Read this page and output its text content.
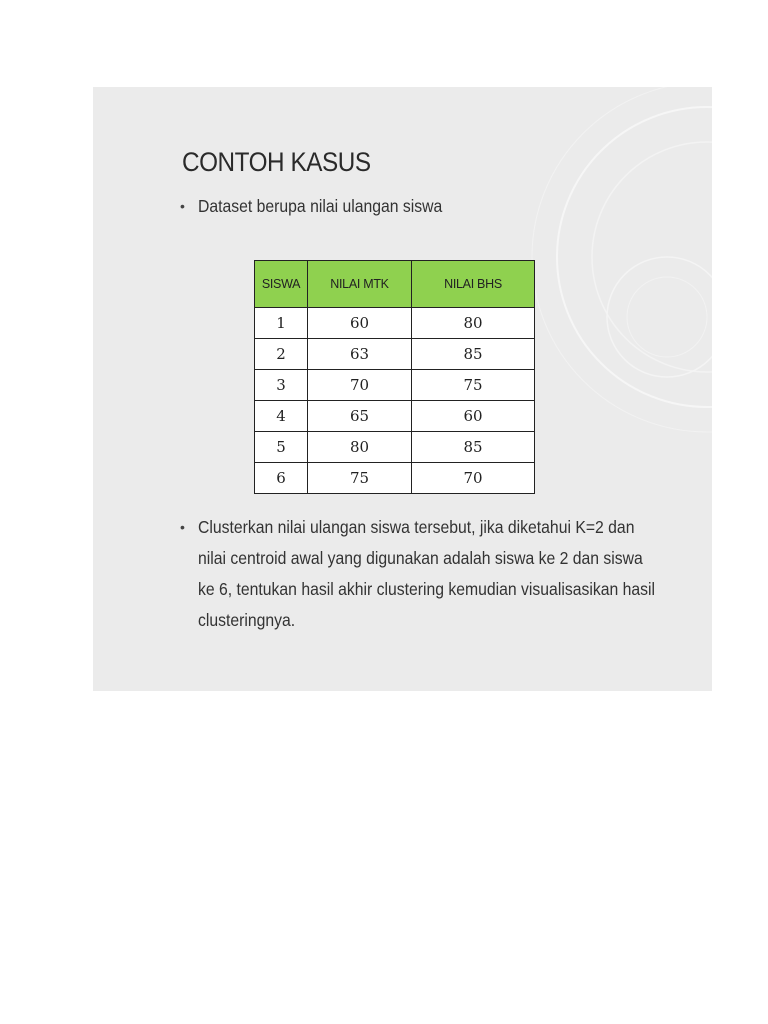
CONTOH KASUS
• Dataset berupa nilai ulangan siswa
SISWA	NILAI MTK	NILAI BHS
1	60	80
2	63	85
3	70	75
4	65	60
5	80	85
6	75	70
• Clusterkan nilai ulangan siswa tersebut, jika diketahui K=2 dan nilai centroid awal yang digunakan adalah siswa ke 2 dan siswa ke 6, tentukan hasil akhir clustering kemudian visualisasikan hasil clusteringnya.
